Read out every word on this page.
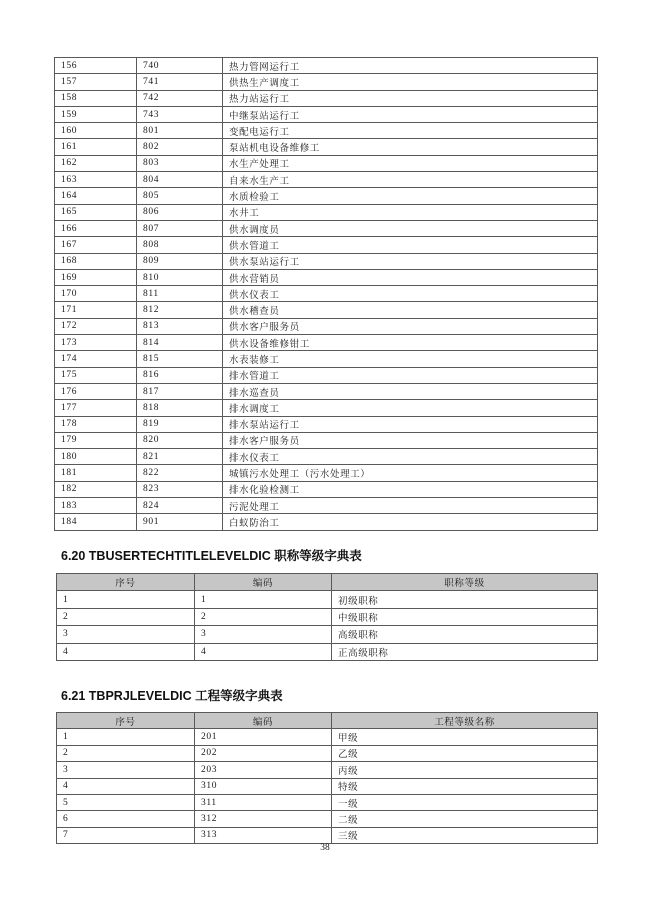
156	740	热力管网运行工
157	741	供热生产调度工
158	742	热力站运行工
159	743	中继泵站运行工
160	801	变配电运行工
161	802	泵站机电设备维修工
162	803	水生产处理工
163	804	自来水生产工
164	805	水质检验工
165	806	水井工
166	807	供水调度员
167	808	供水管道工
168	809	供水泵站运行工
169	810	供水营销员
170	811	供水仪表工
171	812	供水稽查员
172	813	供水客户服务员
173	814	供水设备维修钳工
174	815	水表装修工
175	816	排水管道工
176	817	排水巡查员
177	818	排水调度工
178	819	排水泵站运行工
179	820	排水客户服务员
180	821	排水仪表工
181	822	城镇污水处理工（污水处理工）
182	823	排水化验检测工
183	824	污泥处理工
184	901	白蚁防治工
6.20 TBUSERTECHTITLELEVELDIC 职称等级字典表
序号	编码	职称等级
1	1	初级职称
2	2	中级职称
3	3	高级职称
4	4	正高级职称
6.21 TBPRJLEVELDIC 工程等级字典表
序号	编码	工程等级名称
1	201	甲级
2	202	乙级
3	203	丙级
4	310	特级
5	311	一级
6	312	二级
7	313	三级
38
